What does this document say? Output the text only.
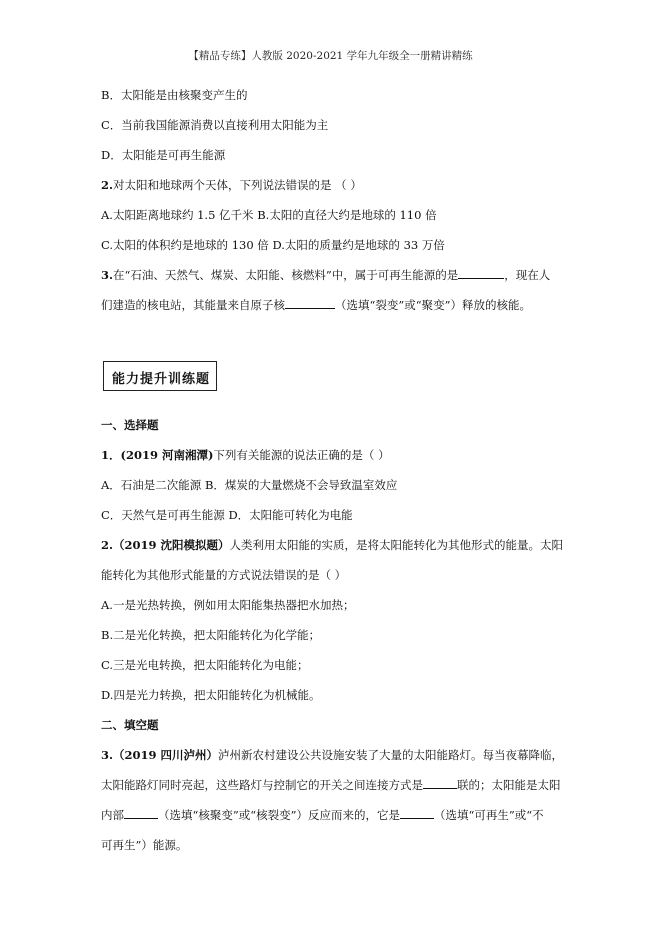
【精品专练】人教版 2020-2021 学年九年级全一册精讲精练
B．太阳能是由核聚变产生的
C．当前我国能源消费以直接利用太阳能为主
D．太阳能是可再生能源
2.对太阳和地球两个天体，下列说法错误的是 （ ）
A.太阳距离地球约 1.5 亿千米 B.太阳的直径大约是地球的 110 倍
C.太阳的体积约是地球的 130 倍 D.太阳的质量约是地球的 33 万倍
3.在“石油、天然气、煤炭、太阳能、核燃料”中，属于可再生能源的是	，现在人
们建造的核电站，其能量来自原子核	（选填“裂变”或“聚变”）释放的核能。
能力提升训练题
一、选择题
1．(2019 河南湘潭)下列有关能源的说法正确的是（ ）
A．石油是二次能源 B．煤炭的大量燃烧不会导致温室效应
C．天然气是可再生能源 D．太阳能可转化为电能
2.（2019 沈阳模拟题）人类利用太阳能的实质，是将太阳能转化为其他形式的能量。太阳
能转化为其他形式能量的方式说法错误的是（ ）
A.一是光热转换，例如用太阳能集热器把水加热；
B.二是光化转换，把太阳能转化为化学能；
C.三是光电转换，把太阳能转化为电能；
D.四是光力转换，把太阳能转化为机械能。
二、填空题
3.（2019 四川泸州）泸州新农村建设公共设施安装了大量的太阳能路灯。每当夜幕降临，
太阳能路灯同时亮起，这些路灯与控制它的开关之间连接方式是	联的；太阳能是太阳
内部	（选填“核聚变”或“核裂变”）反应而来的，它是	（选填“可再生”或“不
可再生”）能源。
